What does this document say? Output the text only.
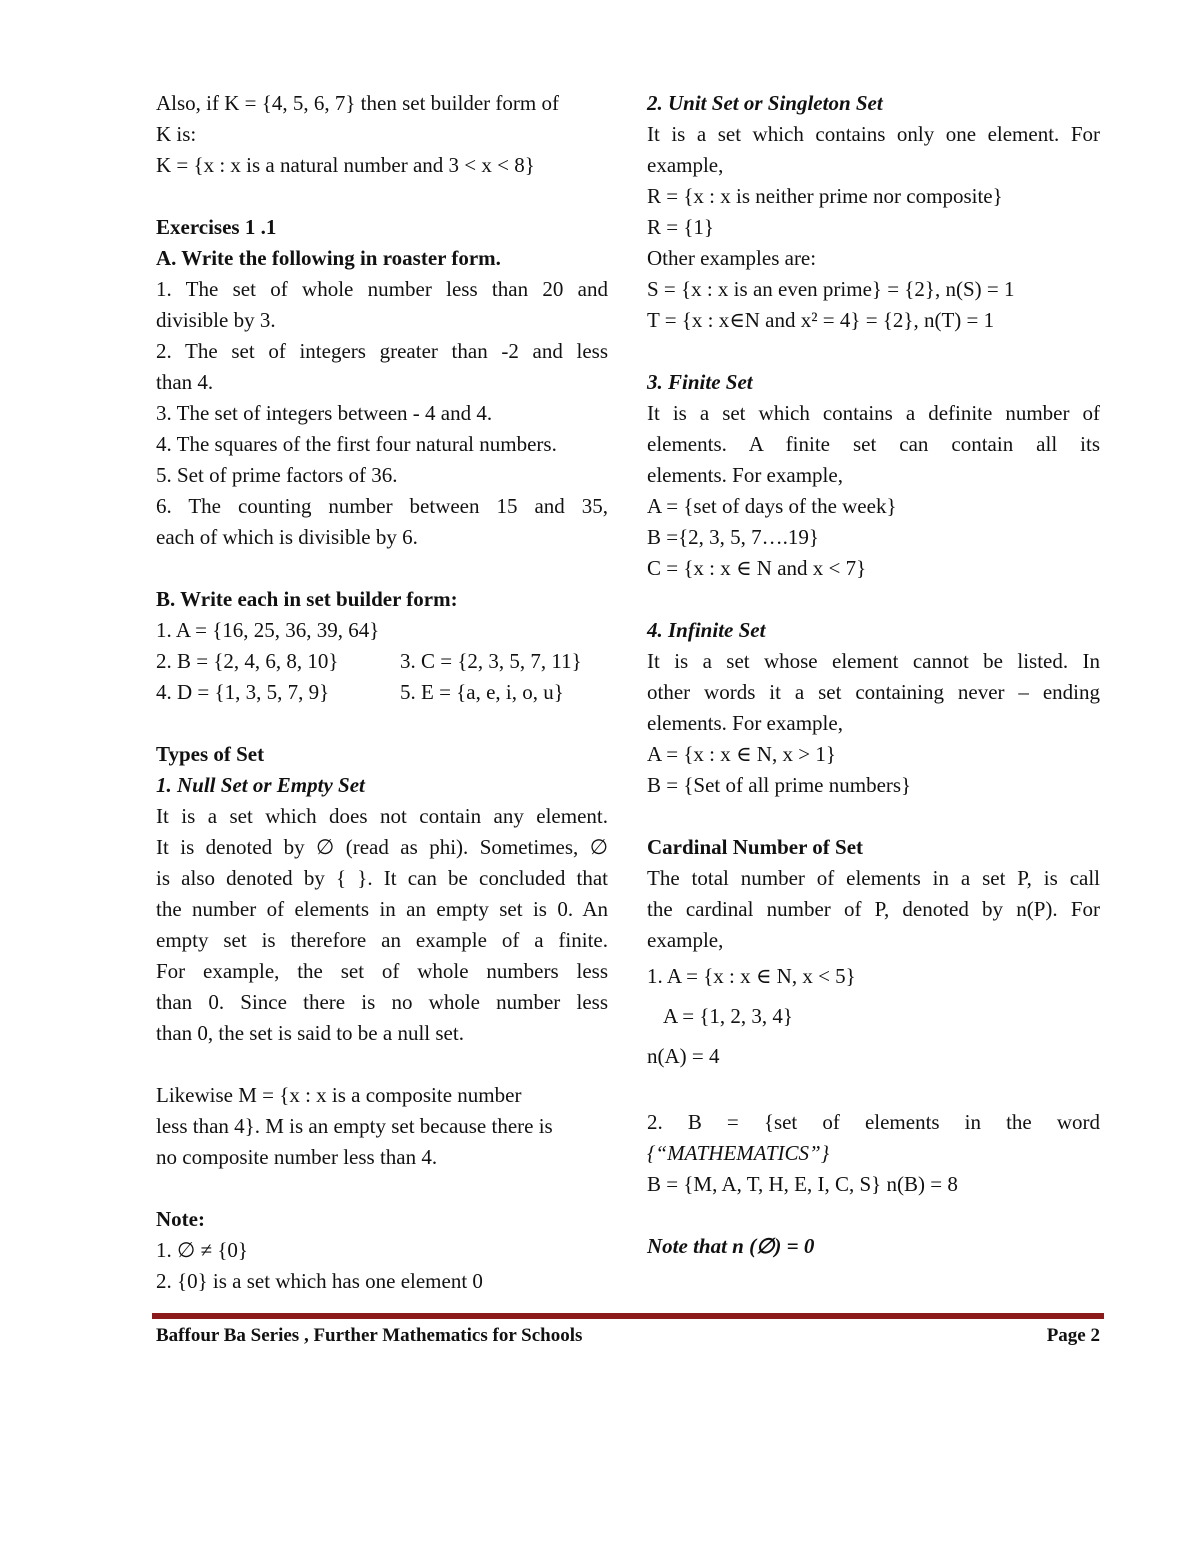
Also, if K = {4, 5, 6, 7} then set builder form of
K is:
K = {x : x is a natural number and 3 < x < 8}
Exercises 1 .1
A. Write the following in roaster form.
1. The set of whole number less than 20 and
divisible by 3.
2. The set of integers greater than -2 and less
than 4.
3. The set of integers between - 4 and 4.
4. The squares of the first four natural numbers.
5. Set of prime factors of 36.
6. The counting number between 15 and 35,
each of which is divisible by 6.
B. Write each in set builder form:
1. A = {16, 25, 36, 39, 64}
2. B = {2, 4, 6, 8, 10}	3. C = {2, 3, 5, 7, 11}
4. D = {1, 3, 5, 7, 9}	5. E = {a, e, i, o, u}
Types of Set
1. Null Set or Empty Set
It is a set which does not contain any element.
It is denoted by ∅ (read as phi). Sometimes, ∅
is also denoted by { }. It can be concluded that
the number of elements in an empty set is 0. An
empty set is therefore an example of a finite.
For example, the set of whole numbers less
than 0. Since there is no whole number less
than 0, the set is said to be a null set.
Likewise M = {x : x is a composite number
less than 4}. M is an empty set because there is
no composite number less than 4.
Note:
1. ∅ ≠ {0}
2. {0} is a set which has one element 0
2. Unit Set or Singleton Set
It is a set which contains only one element. For
example,
R = {x : x is neither prime nor composite}
R = {1}
Other examples are:
S = {x : x is an even prime} = {2}, n(S) = 1
T = {x : x∈N and x² = 4} = {2}, n(T) = 1
3. Finite Set
It is a set which contains a definite number of
elements. A finite set can contain all its
elements. For example,
A = {set of days of the week}
B ={2, 3, 5, 7….19}
C = {x : x ∈ N and x < 7}
4. Infinite Set
It is a set whose element cannot be listed. In
other words it a set containing never – ending
elements. For example,
A = {x : x ∈ N, x > 1}
B = {Set of all prime numbers}
Cardinal Number of Set
The total number of elements in a set P, is call
the cardinal number of P, denoted by n(P). For
example,
1. A = {x : x ∈ N, x < 5}
A = {1, 2, 3, 4}
n(A) = 4
2. B = {set of elements in the word
{“MATHEMATICS”}
B = {M, A, T, H, E, I, C, S} n(B) = 8
Note that n (∅) = 0
Baffour Ba Series , Further Mathematics for Schools	Page 2
